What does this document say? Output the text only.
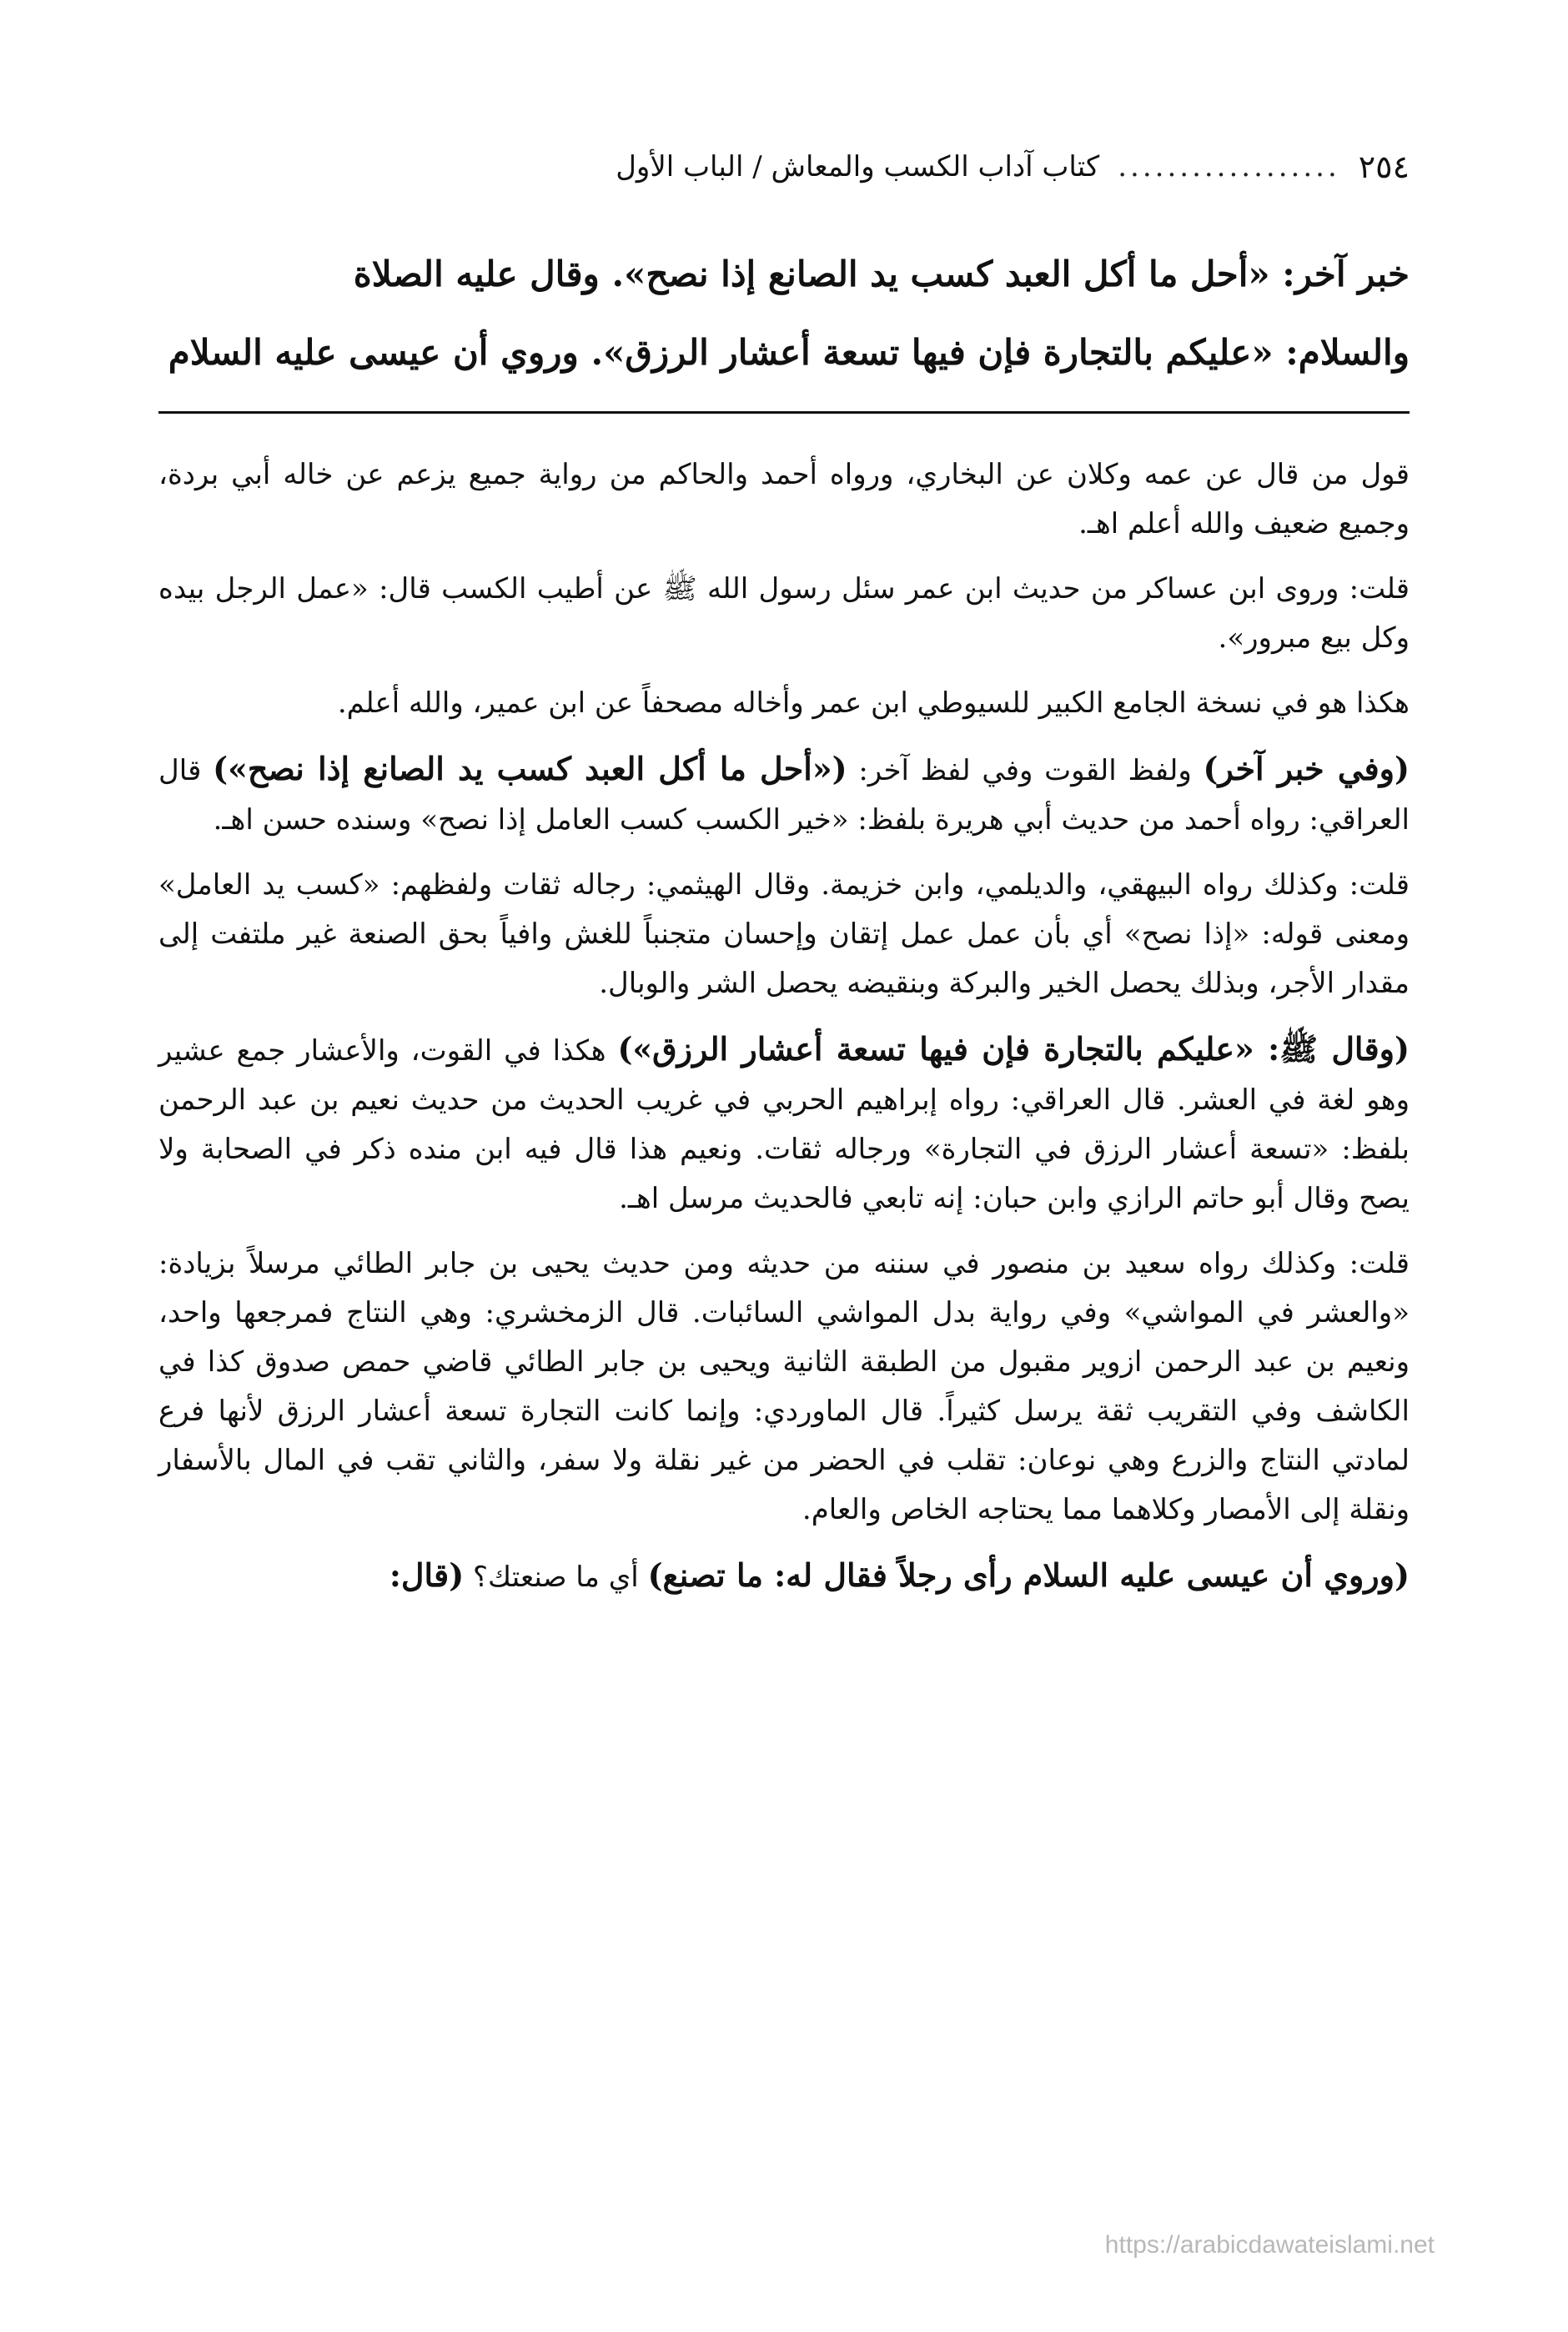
٢٥٤
..................
كتاب آداب الكسب والمعاش / الباب الأول

خبر آخر: «أحل ما أكل العبد كسب يد الصانع إذا نصح». وقال عليه الصلاة

والسلام: «عليكم بالتجارة فإن فيها تسعة أعشار الرزق». وروي أن عيسى عليه السلام

قول من قال عن عمه وكلان عن البخاري، ورواه أحمد والحاكم من رواية جميع يزعم عن خاله أبي بردة، وجميع ضعيف والله أعلم اهـ.

قلت: وروى ابن عساكر من حديث ابن عمر سئل رسول الله ﷺ عن أطيب الكسب قال: «عمل الرجل بيده وكل بيع مبرور».

هكذا هو في نسخة الجامع الكبير للسيوطي ابن عمر وأخاله مصحفاً عن ابن عمير، والله أعلم.

(وفي خبر آخر) ولفظ القوت وفي لفظ آخر: («أحل ما أكل العبد كسب يد الصانع إذا نصح») قال العراقي: رواه أحمد من حديث أبي هريرة بلفظ: «خير الكسب كسب العامل إذا نصح» وسنده حسن اهـ.

قلت: وكذلك رواه البيهقي، والديلمي، وابن خزيمة. وقال الهيثمي: رجاله ثقات ولفظهم: «كسب يد العامل» ومعنى قوله: «إذا نصح» أي بأن عمل عمل إتقان وإحسان متجنباً للغش وافياً بحق الصنعة غير ملتفت إلى مقدار الأجر، وبذلك يحصل الخير والبركة وبنقيضه يحصل الشر والوبال.

(وقال ﷺ: «عليكم بالتجارة فإن فيها تسعة أعشار الرزق») هكذا في القوت، والأعشار جمع عشير وهو لغة في العشر. قال العراقي: رواه إبراهيم الحربي في غريب الحديث من حديث نعيم بن عبد الرحمن بلفظ: «تسعة أعشار الرزق في التجارة» ورجاله ثقات. ونعيم هذا قال فيه ابن منده ذكر في الصحابة ولا يصح وقال أبو حاتم الرازي وابن حبان: إنه تابعي فالحديث مرسل اهـ.

قلت: وكذلك رواه سعيد بن منصور في سننه من حديثه ومن حديث يحيى بن جابر الطائي مرسلاً بزيادة: «والعشر في المواشي» وفي رواية بدل المواشي السائبات. قال الزمخشري: وهي النتاج فمرجعها واحد، ونعيم بن عبد الرحمن ازوير مقبول من الطبقة الثانية ويحيى بن جابر الطائي قاضي حمص صدوق كذا في الكاشف وفي التقريب ثقة يرسل كثيراً. قال الماوردي: وإنما كانت التجارة تسعة أعشار الرزق لأنها فرع لمادتي النتاج والزرع وهي نوعان: تقلب في الحضر من غير نقلة ولا سفر، والثاني تقب في المال بالأسفار ونقلة إلى الأمصار وكلاهما مما يحتاجه الخاص والعام.

(وروي أن عيسى عليه السلام رأى رجلاً فقال له: ما تصنع) أي ما صنعتك؟ (قال:

https://arabicdawateislami.net
